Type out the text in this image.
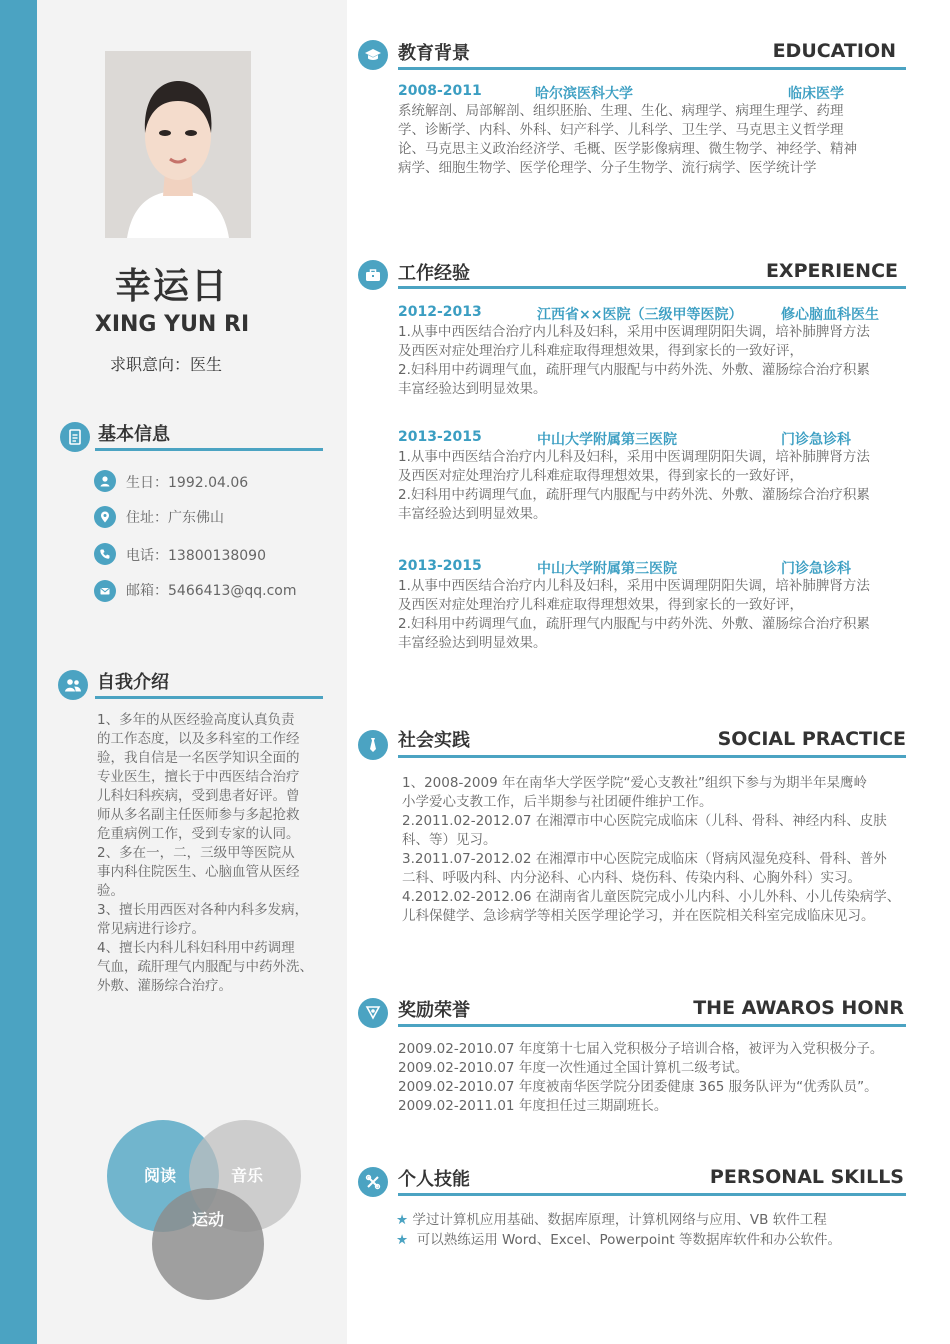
幸运日
XING YUN RI
求职意向：医生
基本信息
生日：1992.04.06
住址：广东佛山
电话：13800138090
邮箱：5466413@qq.com
自我介绍
1、多年的从医经验高度认真负责
的工作态度，以及多科室的工作经
验，我自信是一名医学知识全面的
专业医生，擅长于中西医结合治疗
儿科妇科疾病，受到患者好评。曾
师从多名副主任医师参与多起抢救
危重病例工作，受到专家的认同。
2、多在一，二，三级甲等医院从
事内科住院医生、心脑血管从医经
验。
3、擅长用西医对各种内科多发病，
常见病进行诊疗。
4、擅长内科儿科妇科用中药调理
气血，疏肝理气内服配与中药外洗、
外敷、灌肠综合治疗。
阅读	音乐
运动
教育背景	EDUCATION
2008-2011	哈尔滨医科大学	临床医学
系统解剖、局部解剖、组织胚胎、生理、生化、病理学、病理生理学、药理
学、诊断学、内科、外科、妇产科学、儿科学、卫生学、马克思主义哲学理
论、马克思主义政治经济学、毛概、医学影像病理、微生物学、神经学、精神
病学、细胞生物学、医学伦理学、分子生物学、流行病学、医学统计学
工作经验	EXPERIENCE
2012-2013	江西省××医院（三级甲等医院）	修心脑血科医生
1.从事中西医结合治疗内儿科及妇科，采用中医调理阴阳失调，培补肺脾肾方法
及西医对症处理治疗儿科难症取得理想效果，得到家长的一致好评，
2.妇科用中药调理气血，疏肝理气内服配与中药外洗、外敷、灌肠综合治疗积累
丰富经验达到明显效果。
2013-2015	中山大学附属第三医院	门诊急诊科
1.从事中西医结合治疗内儿科及妇科，采用中医调理阴阳失调，培补肺脾肾方法
及西医对症处理治疗儿科难症取得理想效果，得到家长的一致好评，
2.妇科用中药调理气血，疏肝理气内服配与中药外洗、外敷、灌肠综合治疗积累
丰富经验达到明显效果。
2013-2015	中山大学附属第三医院	门诊急诊科
1.从事中西医结合治疗内儿科及妇科，采用中医调理阴阳失调，培补肺脾肾方法
及西医对症处理治疗儿科难症取得理想效果，得到家长的一致好评，
2.妇科用中药调理气血，疏肝理气内服配与中药外洗、外敷、灌肠综合治疗积累
丰富经验达到明显效果。
社会实践	SOCIAL PRACTICE
1、2008-2009 年在南华大学医学院“爱心支教社”组织下参与为期半年杲鹰岭
小学爱心支教工作，后半期参与社团硬件维护工作。
2.2011.02-2012.07 在湘潭市中心医院完成临床（儿科、骨科、神经内科、皮肤
科、等）见习。
3.2011.07-2012.02 在湘潭市中心医院完成临床（肾病风湿免疫科、骨科、普外
二科、呼吸内科、内分泌科、心内科、烧伤科、传染内科、心胸外科）实习。
4.2012.02-2012.06 在湖南省儿童医院完成小儿内科、小儿外科、小儿传染病学、
儿科保健学、急诊病学等相关医学理论学习，并在医院相关科室完成临床见习。
奖励荣誉	THE AWAROS HONR
2009.02-2010.07 年度第十七届入党积极分子培训合格，被评为入党积极分子。
2009.02-2010.07 年度一次性通过全国计算机二级考试。
2009.02-2010.07 年度被南华医学院分团委健康 365 服务队评为“优秀队员”。
2009.02-2011.01 年度担任过三期副班长。
个人技能	PERSONAL SKILLS
★ 学过计算机应用基础、数据库原理，计算机网络与应用、VB 软件工程
★ 可以熟练运用 Word、Excel、Powerpoint 等数据库软件和办公软件。
